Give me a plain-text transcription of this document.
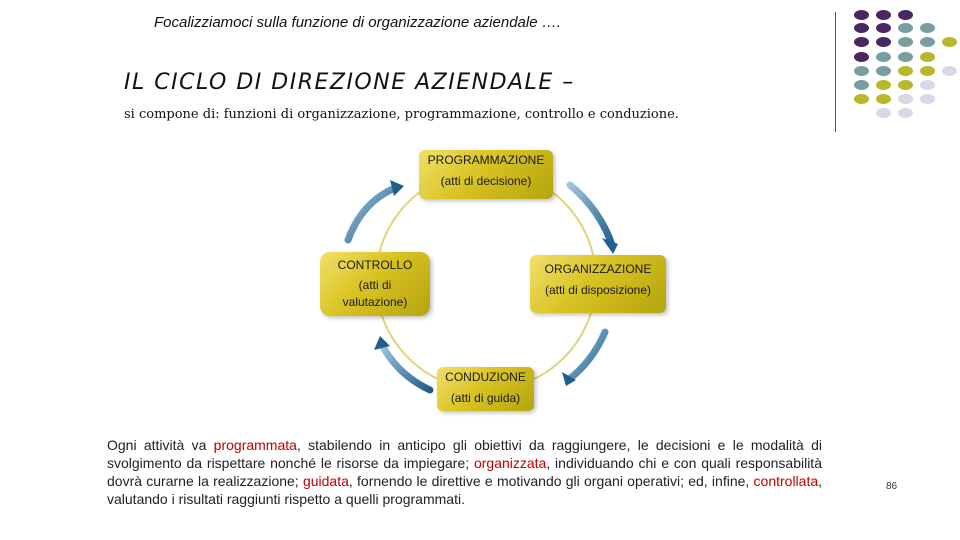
Focalizziamoci sulla funzione di organizzazione aziendale ….
IL CICLO DI DIREZIONE AZIENDALE –
si compone di: funzioni di organizzazione, programmazione, controllo e conduzione.
PROGRAMMAZIONE
(atti di decisione)
ORGANIZZAZIONE
(atti di disposizione)
CONTROLLO
(atti di
valutazione)
CONDUZIONE
(atti di guida)
Ogni attività va programmata, stabilendo in anticipo gli obiettivi da raggiungere, le decisioni e le modalità di svolgimento da rispettare nonché le risorse da impiegare; organizzata, individuando chi e con quali responsabilità dovrà curarne la realizzazione; guidata, fornendo le direttive e motivando gli organi operativi; ed, infine, controllata, valutando i risultati raggiunti rispetto a quelli programmati.
86
